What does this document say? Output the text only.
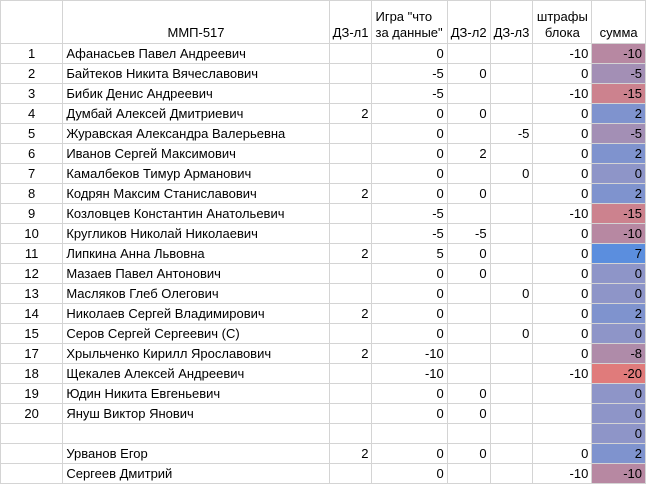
	ММП-517	ДЗ-л1	Игра "что за данные"	ДЗ-л2	ДЗ-л3	штрафы блока	сумма
1	Афанасьев Павел Андреевич		0			-10	-10
2	Байтеков Никита Вячеславович		-5	0		0	-5
3	Бибик Денис Андреевич		-5			-10	-15
4	Думбай Алексей Дмитриевич	2	0	0		0	2
5	Журавская Александра Валерьевна		0		-5	0	-5
6	Иванов Сергей Максимович		0	2		0	2
7	Камалбеков Тимур Арманович		0		0	0	0
8	Кодрян Максим Станиславович	2	0	0		0	2
9	Козловцев Константин Анатольевич		-5			-10	-15
10	Кругликов Николай Николаевич		-5	-5		0	-10
11	Липкина Анна Львовна	2	5	0		0	7
12	Мазаев Павел Антонович		0	0		0	0
13	Масляков Глеб Олегович		0		0	0	0
14	Николаев Сергей Владимирович	2	0			0	2
15	Серов Сергей Сергеевич (С)		0		0	0	0
17	Хрыльченко Кирилл Ярославович	2	-10			0	-8
18	Щекалев Алексей Андреевич		-10			-10	-20
19	Юдин Никита Евгеньевич		0	0			0
20	Януш Виктор Янович		0	0			0
							0
	Урванов Егор	2	0	0		0	2
	Сергеев Дмитрий		0			-10	-10
